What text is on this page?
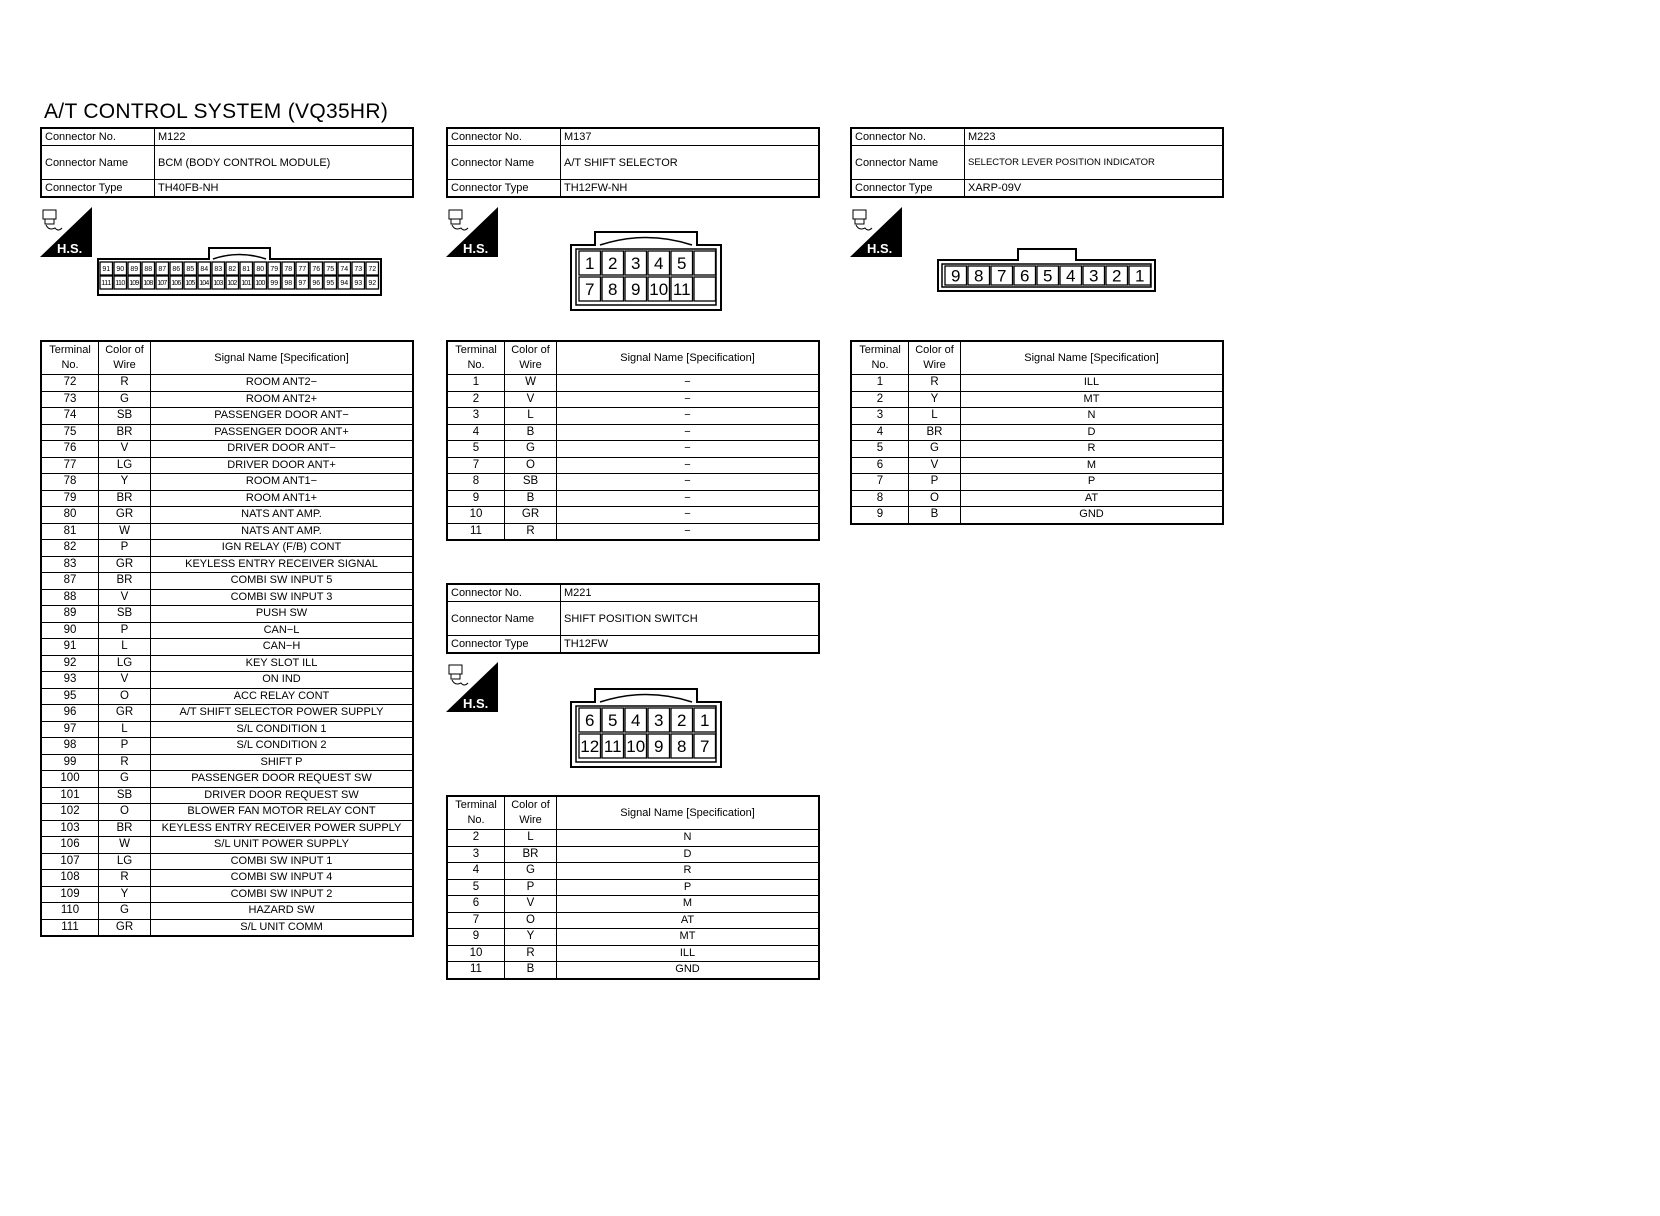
A/T CONTROL SYSTEM (VQ35HR)
Connector No.	M122
Connector Name	BCM (BODY CONTROL MODULE)
Connector Type	TH40FB-NH
H.S.
91 90 89 88 87 86 85 84 83 82 81 80 79 78 77 76 75 74 73 72
111 110 109 108 107 106 105 104 103 102 101 100 99 98 97 96 95 94 93 92
Terminal No.	Color of Wire	Signal Name [Specification]
72	R	ROOM ANT2−
73	G	ROOM ANT2+
74	SB	PASSENGER DOOR ANT−
75	BR	PASSENGER DOOR ANT+
76	V	DRIVER DOOR ANT−
77	LG	DRIVER DOOR ANT+
78	Y	ROOM ANT1−
79	BR	ROOM ANT1+
80	GR	NATS ANT AMP.
81	W	NATS ANT AMP.
82	P	IGN RELAY (F/B) CONT
83	GR	KEYLESS ENTRY RECEIVER SIGNAL
87	BR	COMBI SW INPUT 5
88	V	COMBI SW INPUT 3
89	SB	PUSH SW
90	P	CAN−L
91	L	CAN−H
92	LG	KEY SLOT ILL
93	V	ON IND
95	O	ACC RELAY CONT
96	GR	A/T SHIFT SELECTOR POWER SUPPLY
97	L	S/L CONDITION 1
98	P	S/L CONDITION 2
99	R	SHIFT P
100	G	PASSENGER DOOR REQUEST SW
101	SB	DRIVER DOOR REQUEST SW
102	O	BLOWER FAN MOTOR RELAY CONT
103	BR	KEYLESS ENTRY RECEIVER POWER SUPPLY
106	W	S/L UNIT POWER SUPPLY
107	LG	COMBI SW INPUT 1
108	R	COMBI SW INPUT 4
109	Y	COMBI SW INPUT 2
110	G	HAZARD SW
111	GR	S/L UNIT COMM
Connector No.	M137
Connector Name	A/T SHIFT SELECTOR
Connector Type	TH12FW-NH
H.S.
1 2 3 4 5
7 8 9 10 11
Terminal No.	Color of Wire	Signal Name [Specification]
1	W	−
2	V	−
3	L	−
4	B	−
5	G	−
7	O	−
8	SB	−
9	B	−
10	GR	−
11	R	−
Connector No.	M221
Connector Name	SHIFT POSITION SWITCH
Connector Type	TH12FW
H.S.
6 5 4 3 2 1
12 11 10 9 8 7
Terminal No.	Color of Wire	Signal Name [Specification]
2	L	N
3	BR	D
4	G	R
5	P	P
6	V	M
7	O	AT
9	Y	MT
10	R	ILL
11	B	GND
Connector No.	M223
Connector Name	SELECTOR LEVER POSITION INDICATOR
Connector Type	XARP-09V
H.S.
9 8 7 6 5 4 3 2 1
Terminal No.	Color of Wire	Signal Name [Specification]
1	R	ILL
2	Y	MT
3	L	N
4	BR	D
5	G	R
6	V	M
7	P	P
8	O	AT
9	B	GND
